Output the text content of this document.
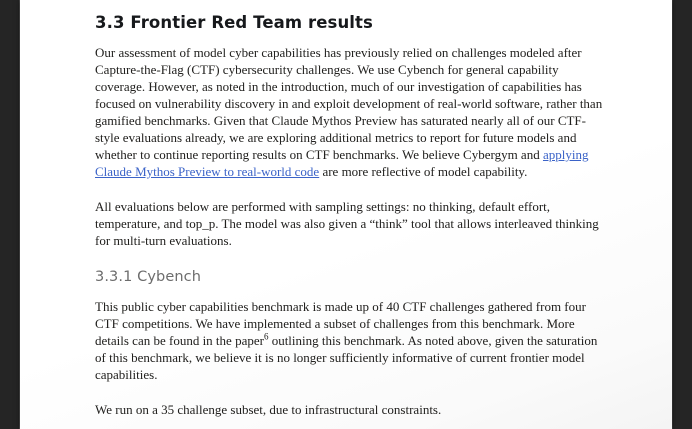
3.3 Frontier Red Team results

Our assessment of model cyber capabilities has previously relied on challenges modeled after Capture-the-Flag (CTF) cybersecurity challenges. We use Cybench for general capability coverage. However, as noted in the introduction, much of our investigation of capabilities has focused on vulnerability discovery in and exploit development of real-world software, rather than gamified benchmarks. Given that Claude Mythos Preview has saturated nearly all of our CTF-style evaluations already, we are exploring additional metrics to report for future models and whether to continue reporting results on CTF benchmarks. We believe Cybergym and applying Claude Mythos Preview to real-world code are more reflective of model capability.

All evaluations below are performed with sampling settings: no thinking, default effort, temperature, and top_p. The model was also given a “think” tool that allows interleaved thinking for multi-turn evaluations.

3.3.1 Cybench

This public cyber capabilities benchmark is made up of 40 CTF challenges gathered from four CTF competitions. We have implemented a subset of challenges from this benchmark. More details can be found in the paper$^6$ outlining this benchmark. As noted above, given the saturation of this benchmark, we believe it is no longer sufficiently informative of current frontier model capabilities.

We run on a 35 challenge subset, due to infrastructural constraints.
